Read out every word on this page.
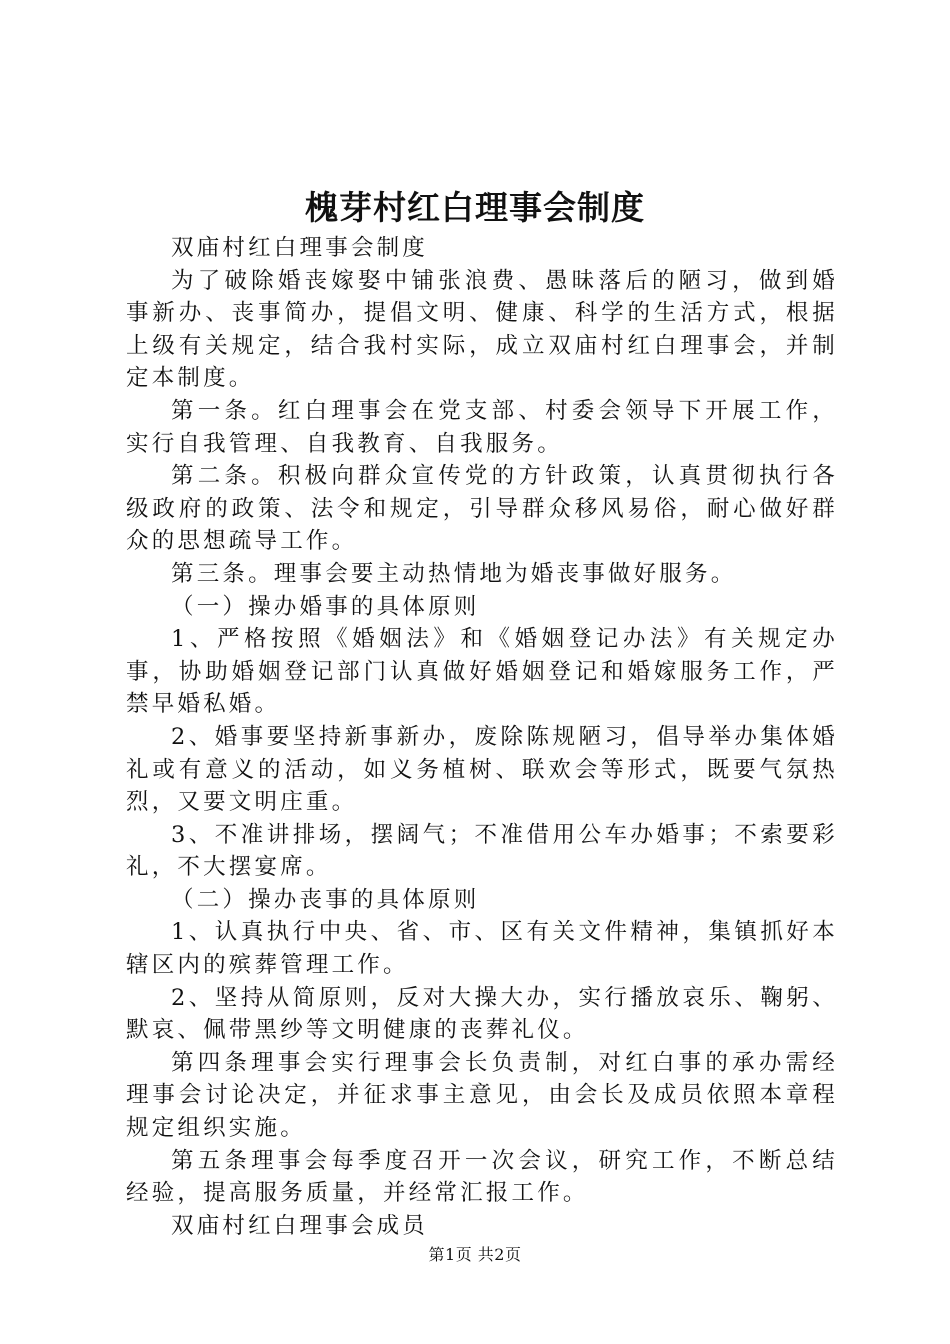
槐芽村红白理事会制度

双庙村红白理事会制度

为了破除婚丧嫁娶中铺张浪费、愚昧落后的陋习，做到婚事新办、丧事简办，提倡文明、健康、科学的生活方式，根据上级有关规定，结合我村实际，成立双庙村红白理事会，并制定本制度。

第一条。红白理事会在党支部、村委会领导下开展工作，实行自我管理、自我教育、自我服务。

第二条。积极向群众宣传党的方针政策，认真贯彻执行各级政府的政策、法令和规定，引导群众移风易俗，耐心做好群众的思想疏导工作。

第三条。理事会要主动热情地为婚丧事做好服务。

（一）操办婚事的具体原则

1、严格按照《婚姻法》和《婚姻登记办法》有关规定办事，协助婚姻登记部门认真做好婚姻登记和婚嫁服务工作，严禁早婚私婚。

2、婚事要坚持新事新办，废除陈规陋习，倡导举办集体婚礼或有意义的活动，如义务植树、联欢会等形式，既要气氛热烈，又要文明庄重。

3、不准讲排场，摆阔气；不准借用公车办婚事；不索要彩礼，不大摆宴席。

（二）操办丧事的具体原则

1、认真执行中央、省、市、区有关文件精神，集镇抓好本辖区内的殡葬管理工作。

2、坚持从简原则，反对大操大办，实行播放哀乐、鞠躬、默哀、佩带黑纱等文明健康的丧葬礼仪。

第四条理事会实行理事会长负责制，对红白事的承办需经理事会讨论决定，并征求事主意见，由会长及成员依照本章程规定组织实施。

第五条理事会每季度召开一次会议，研究工作，不断总结经验，提高服务质量，并经常汇报工作。

双庙村红白理事会成员

第1页 共2页
